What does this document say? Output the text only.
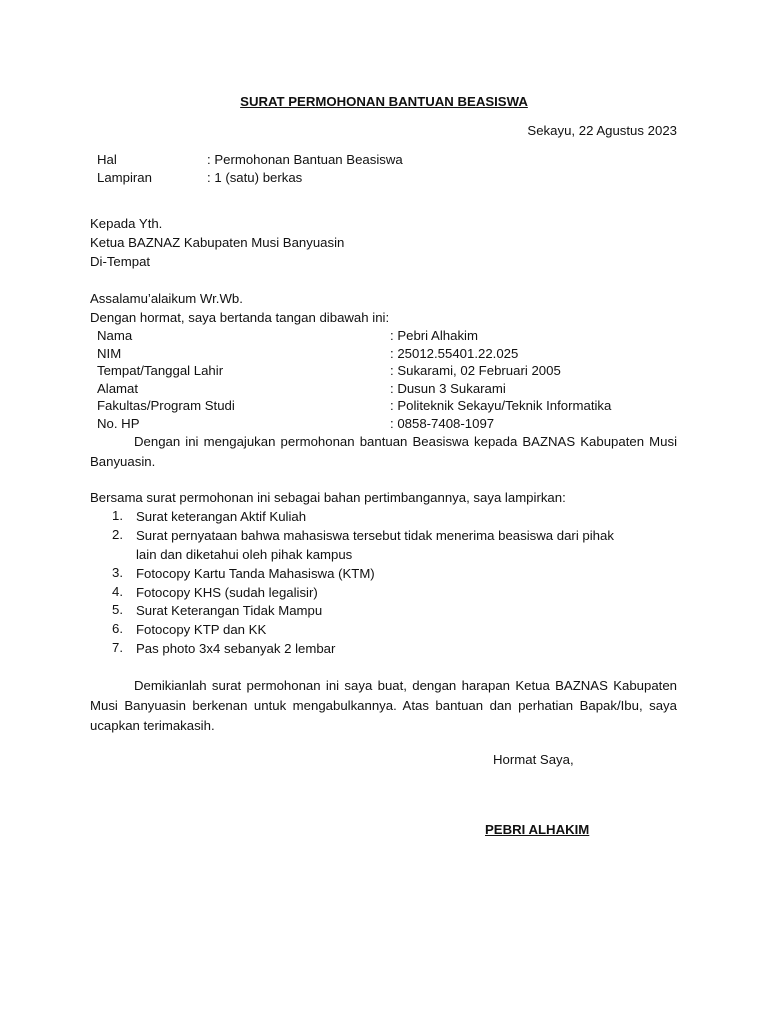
SURAT PERMOHONAN BANTUAN BEASISWA
Sekayu, 22 Agustus 2023
Hal	: Permohonan Bantuan Beasiswa
Lampiran	: 1 (satu) berkas
Kepada Yth.
Ketua BAZNAZ Kabupaten Musi Banyuasin
Di-Tempat
Assalamu’alaikum Wr.Wb.
Dengan hormat, saya bertanda tangan dibawah ini:
Nama	: Pebri Alhakim
NIM	: 25012.55401.22.025
Tempat/Tanggal Lahir	: Sukarami, 02 Februari 2005
Alamat	: Dusun 3 Sukarami
Fakultas/Program Studi	: Politeknik Sekayu/Teknik Informatika
No. HP	: 0858-7408-1097
Dengan ini mengajukan permohonan bantuan Beasiswa kepada BAZNAS Kabupaten Musi Banyuasin.
Bersama surat permohonan ini sebagai bahan pertimbangannya, saya lampirkan:
1. Surat keterangan Aktif Kuliah
2. Surat pernyataan bahwa mahasiswa tersebut tidak menerima beasiswa dari pihak lain dan diketahui oleh pihak kampus
3. Fotocopy Kartu Tanda Mahasiswa (KTM)
4. Fotocopy KHS (sudah legalisir)
5. Surat Keterangan Tidak Mampu
6. Fotocopy KTP dan KK
7. Pas photo 3x4 sebanyak 2 lembar
Demikianlah surat permohonan ini saya buat, dengan harapan Ketua BAZNAS Kabupaten Musi Banyuasin berkenan untuk mengabulkannya. Atas bantuan dan perhatian Bapak/Ibu, saya ucapkan terimakasih.
Hormat Saya,
PEBRI ALHAKIM
